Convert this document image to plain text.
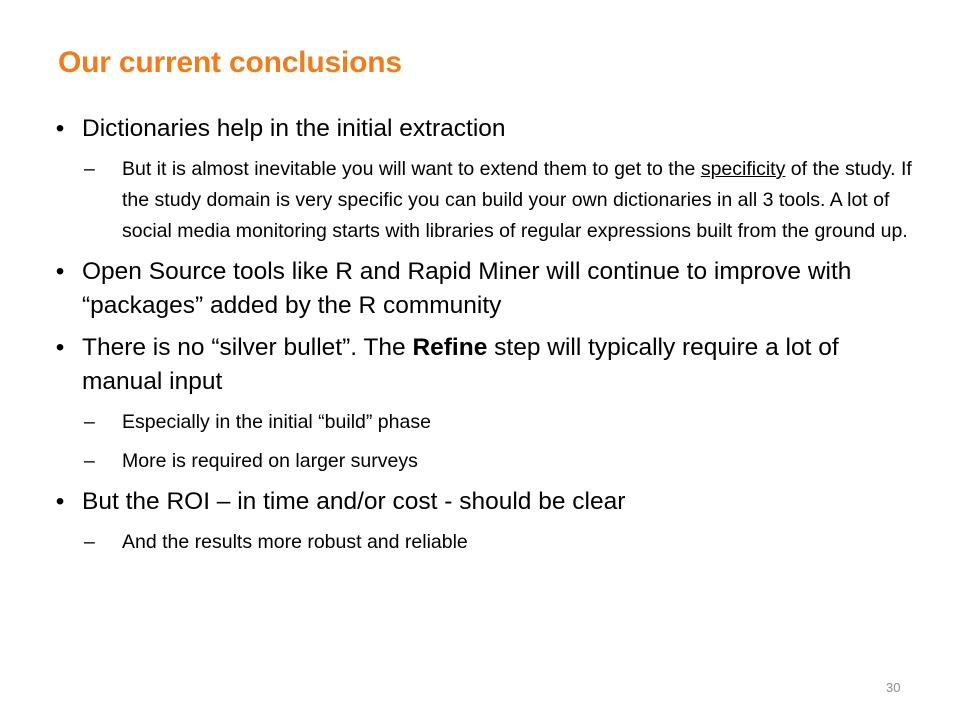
Our current conclusions
• Dictionaries help in the initial extraction
– But it is almost inevitable you will want to extend them to get to the specificity of the study. If the study domain is very specific you can build your own dictionaries in all 3 tools. A lot of social media monitoring starts with libraries of regular expressions built from the ground up.
• Open Source tools like R and Rapid Miner will continue to improve with “packages” added by the R community
• There is no “silver bullet”. The Refine step will typically require a lot of manual input
– Especially in the initial “build” phase
– More is required on larger surveys
• But the ROI – in time and/or cost - should be clear
– And the results more robust and reliable
30
